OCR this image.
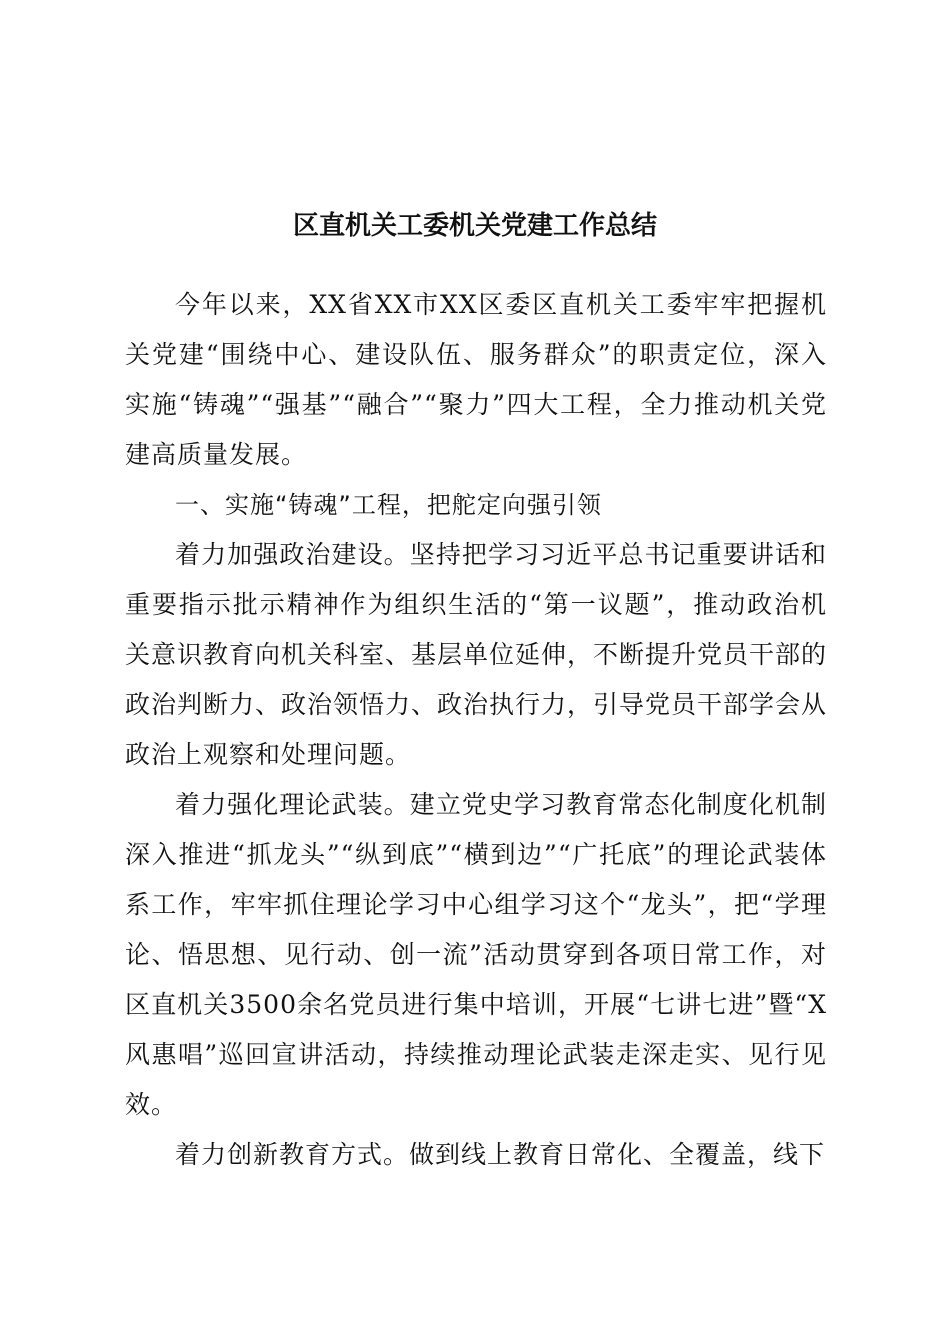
区直机关工委机关党建工作总结

今年以来，XX省XX市XX区委区直机关工委牢牢把握机关党建“围绕中心、建设队伍、服务群众”的职责定位，深入实施“铸魂”“强基”“融合”“聚力”四大工程，全力推动机关党建高质量发展。

一、实施“铸魂”工程，把舵定向强引领

着力加强政治建设。坚持把学习习近平总书记重要讲话和重要指示批示精神作为组织生活的“第一议题”，推动政治机关意识教育向机关科室、基层单位延伸，不断提升党员干部的政治判断力、政治领悟力、政治执行力，引导党员干部学会从政治上观察和处理问题。

着力强化理论武装。建立党史学习教育常态化制度化机制深入推进“抓龙头”“纵到底”“横到边”“广托底”的理论武装体系工作，牢牢抓住理论学习中心组学习这个“龙头”，把“学理论、悟思想、见行动、创一流”活动贯穿到各项日常工作，对区直机关3500余名党员进行集中培训，开展“七讲七进”暨“X风惠唱”巡回宣讲活动，持续推动理论武装走深走实、见行见效。

着力创新教育方式。做到线上教育日常化、全覆盖，线下
